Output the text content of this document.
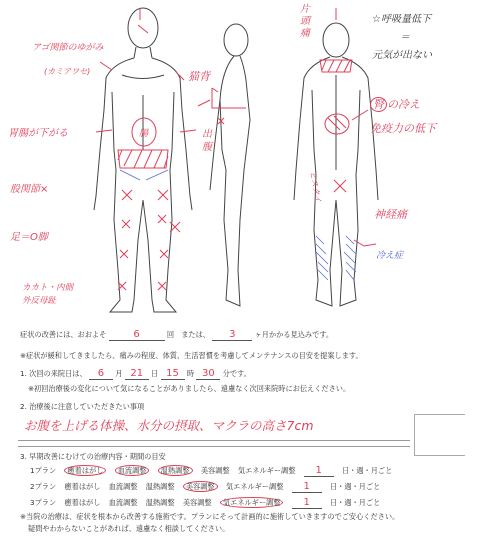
アゴ関節のゆがみ
(カミアワセ)
胃腸が下がる
股関節×
足＝O脚
カカト・内側
外反母趾
腸
猫背
出
腹
片
頭
痛
☆呼吸量低下
＝
元気が出ない
腎 の冷え
免疫力の低下
ヒスタイ
神経痛
冷え症
症状の改善には、おおよそ	6	回　または、 3	ヶ月かかる見込みです。
※症状が緩和してきましたら、痛みの程度、体質、生活習慣を考慮してメンテナンスの目安を提案します。
1. 次回の来院日は、 6 月 21 日 15 時 30 分です。
※初回治療後の変化について気になることがありましたら、遠慮なく次回来院時にお伝えください。
2. 治療後に注意していただきたい事項
お腹を上げる体操、水分の摂取、マクラの高さ7cm
3. 早期改善にむけての治療内容・期間の目安
1プラン 癒着はがし 血流調整 温熱調整 美容調整 気エネルギー調整 1	日・週・月ごと
2プラン 癒着はがし 血流調整 温熱調整 美容調整 気エネルギー調整 1	日・週・月ごと
3プラン 癒着はがし 血流調整 温熱調整 美容調整 気エネルギー調整 1	日・週・月ごと
※当院の治療は、症状を根本から改善する施術です。プランにそって計画的に施術していきますのでご安心ください。
疑問やわからないことがあれば、遠慮なく相談してください。
